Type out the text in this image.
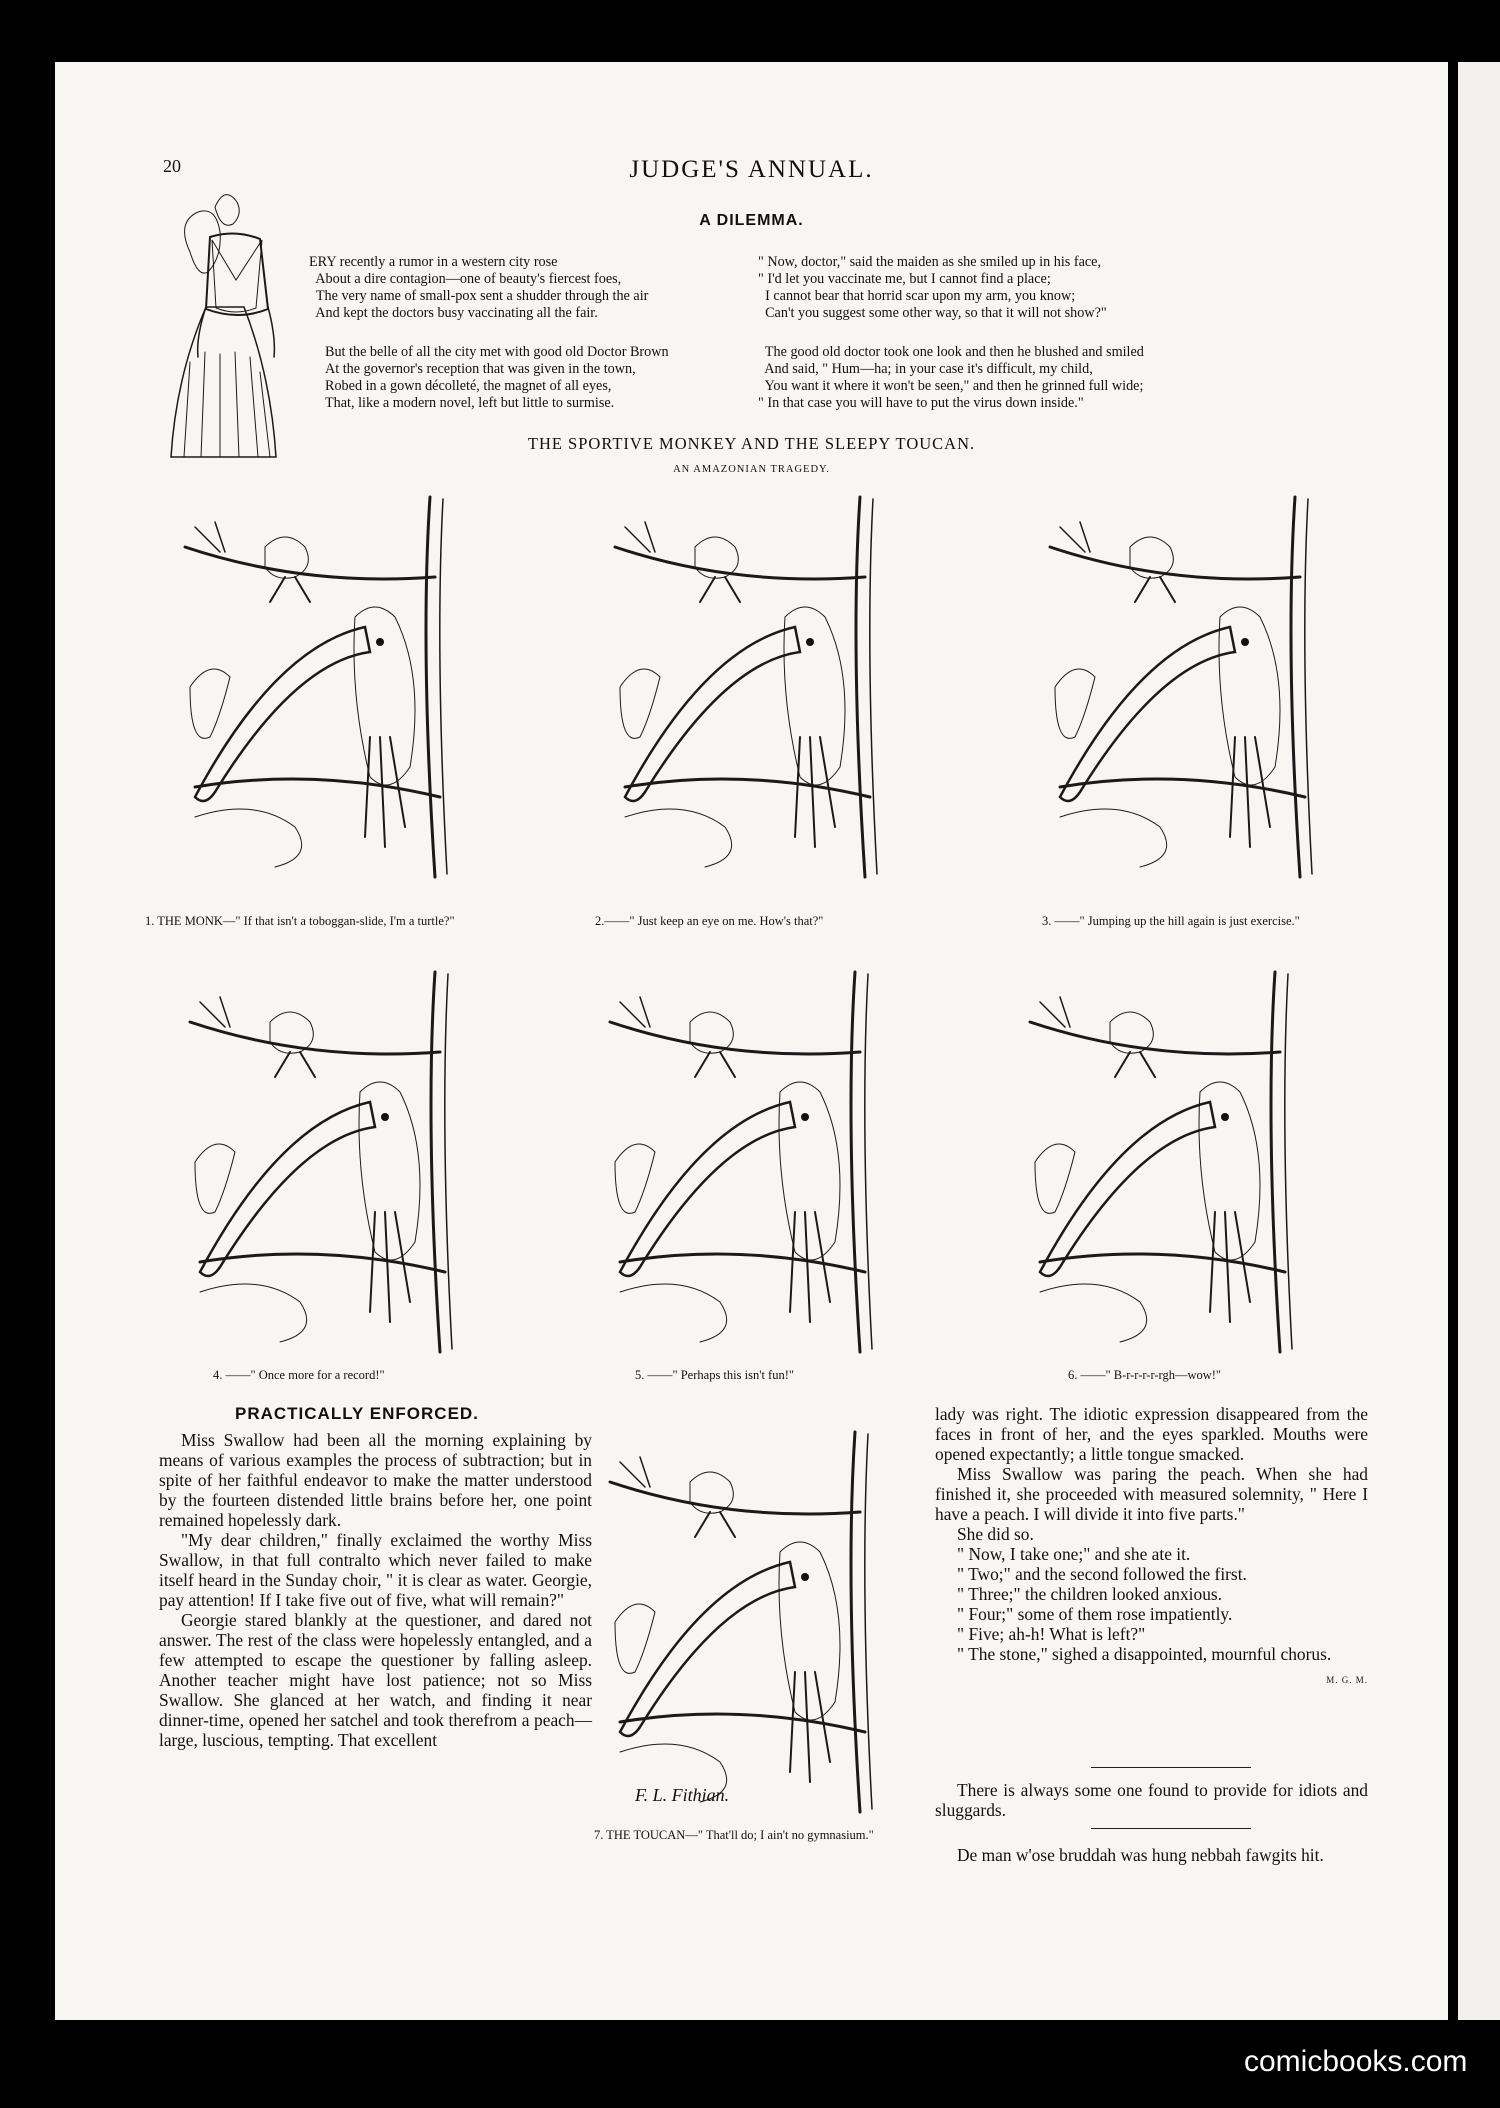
20	JUDGE'S ANNUAL.
A DILEMMA.
ERY recently a rumor in a western city rose
About a dire contagion—one of beauty's fiercest foes,
The very name of small-pox sent a shudder through the air
And kept the doctors busy vaccinating all the fair.
But the belle of all the city met with good old Doctor Brown
At the governor's reception that was given in the town,
Robed in a gown décolleté, the magnet of all eyes,
That, like a modern novel, left but little to surmise.
" Now, doctor," said the maiden as she smiled up in his face,
" I'd let you vaccinate me, but I cannot find a place;
I cannot bear that horrid scar upon my arm, you know;
Can't you suggest some other way, so that it will not show?"
The good old doctor took one look and then he blushed and smiled
And said, " Hum—ha; in your case it's difficult, my child,
You want it where it won't be seen," and then he grinned full wide;
" In that case you will have to put the virus down inside."
THE SPORTIVE MONKEY AND THE SLEEPY TOUCAN.
AN AMAZONIAN TRAGEDY.
1. THE MONK—" If that isn't a toboggan-slide, I'm a turtle?"	2.——" Just keep an eye on me. How's that?"	3. ——" Jumping up the hill again is just exercise."
4. ——" Once more for a record!"	5. ——" Perhaps this isn't fun!"	6. ——" B-r-r-r-r-rgh—wow!"
7. THE TOUCAN—" That'll do; I ain't no gymnasium."
F. L. Fithian.
PRACTICALLY ENFORCED.

Miss Swallow had been all the morning explaining by means of various examples the process of subtraction; but in spite of her faithful endeavor to make the matter understood by the fourteen distended little brains before her, one point remained hopelessly dark.

"My dear children," finally exclaimed the worthy Miss Swallow, in that full contralto which never failed to make itself heard in the Sunday choir, " it is clear as water. Georgie, pay attention! If I take five out of five, what will remain?"

Georgie stared blankly at the questioner, and dared not answer. The rest of the class were hopelessly entangled, and a few attempted to escape the questioner by falling asleep. Another teacher might have lost patience; not so Miss Swallow. She glanced at her watch, and finding it near dinner-time, opened her satchel and took therefrom a peach—large, luscious, tempting. That excellent

lady was right. The idiotic expression disappeared from the faces in front of her, and the eyes sparkled. Mouths were opened expectantly; a little tongue smacked.

Miss Swallow was paring the peach. When she had finished it, she proceeded with measured solemnity, " Here I have a peach. I will divide it into five parts."

She did so.

" Now, I take one;" and she ate it.

" Two;" and the second followed the first.

" Three;" the children looked anxious.

" Four;" some of them rose impatiently.

" Five; ah-h! What is left?"

" The stone," sighed a disappointed, mournful chorus.

M. G. M.

There is always some one found to provide for idiots and sluggards.

De man w'ose bruddah was hung nebbah fawgits hit.

comicbooks.com
